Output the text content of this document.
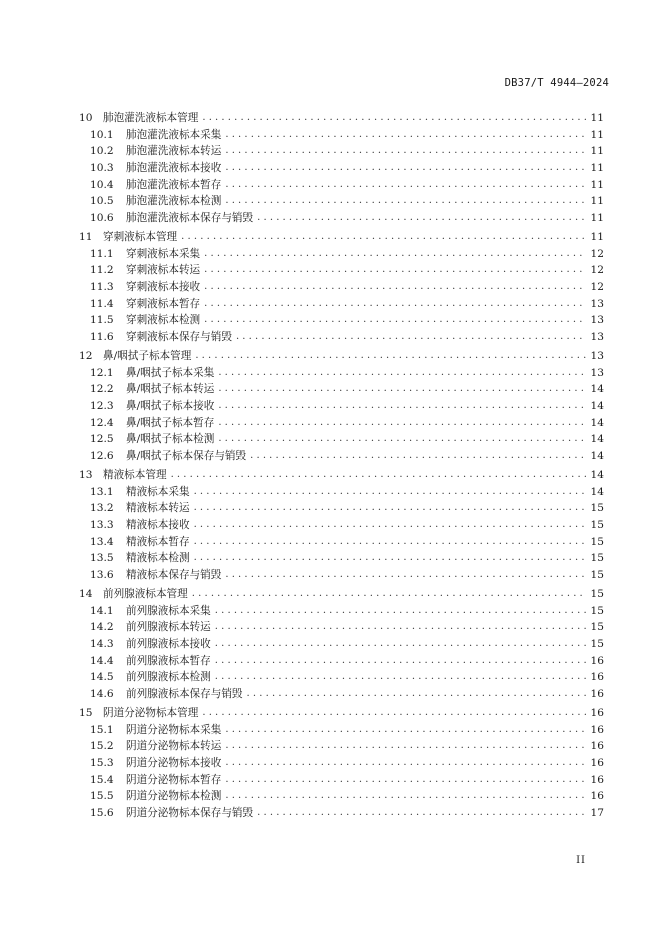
DB37/T 4944—2024
10 肺泡灌洗液标本管理 . . .	11
10.1	肺泡灌洗液标本采集 . . .	11
10.2	肺泡灌洗液标本转运 . . .	11
10.3	肺泡灌洗液标本接收 . . .	11
10.4	肺泡灌洗液标本暂存 . . .	11
10.5	肺泡灌洗液标本检测 . . .	11
10.6	肺泡灌洗液标本保存与销毁 . . .	11
11 穿刺液标本管理 . . .	11
11.1	穿刺液标本采集 . . .	12
11.2	穿刺液标本转运 . . .	12
11.3	穿刺液标本接收 . . .	12
11.4	穿刺液标本暂存 . . .	13
11.5	穿刺液标本检测 . . .	13
11.6	穿刺液标本保存与销毁 . . .	13
12 鼻/咽拭子标本管理 . . .	13
12.1	鼻/咽拭子标本采集 . . .	13
12.2	鼻/咽拭子标本转运 . . .	14
12.3	鼻/咽拭子标本接收 . . .	14
12.4	鼻/咽拭子标本暂存 . . .	14
12.5	鼻/咽拭子标本检测 . . .	14
12.6	鼻/咽拭子标本保存与销毁 . . .	14
13 精液标本管理 . . .	14
13.1	精液标本采集 . . .	14
13.2	精液标本转运 . . .	15
13.3	精液标本接收 . . .	15
13.4	精液标本暂存 . . .	15
13.5	精液标本检测 . . .	15
13.6	精液标本保存与销毁 . . .	15
14 前列腺液标本管理 . . .	15
14.1	前列腺液标本采集 . . .	15
14.2	前列腺液标本转运 . . .	15
14.3	前列腺液标本接收 . . .	15
14.4	前列腺液标本暂存 . . .	16
14.5	前列腺液标本检测 . . .	16
14.6	前列腺液标本保存与销毁 . . .	16
15 阴道分泌物标本管理 . . .	16
15.1	阴道分泌物标本采集 . . .	16
15.2	阴道分泌物标本转运 . . .	16
15.3	阴道分泌物标本接收 . . .	16
15.4	阴道分泌物标本暂存 . . .	16
15.5	阴道分泌物标本检测 . . .	16
15.6	阴道分泌物标本保存与销毁 . . .	17
II
